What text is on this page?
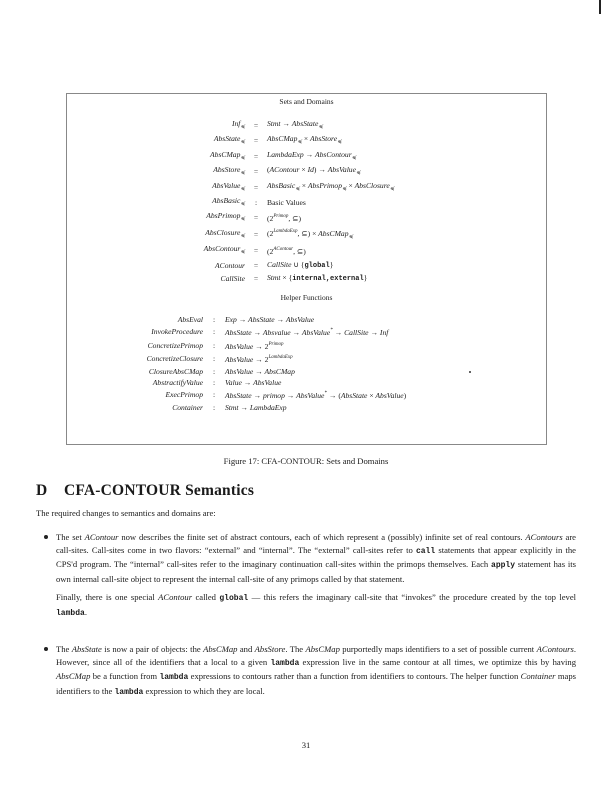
Sets and Domains
Inf$_≼$	=	Stmt → AbsState$_≼$
AbsState$_≼$	=	AbsCMap$_≼$ × AbsStore$_≼$
AbsCMap$_≼$	=	LambdaExp → AbsContour$_≼$
AbsStore$_≼$	=	(AContour × Id) → AbsValue$_≼$
AbsValue$_≼$	=	AbsBasic$_≼$ × AbsPrimop$_≼$ × AbsClosure$_≼$
AbsBasic$_≼$	:	Basic Values
AbsPrimop$_≼$	=	($2^{Primop}$, ⊆)
AbsClosure$_≼$	=	($2^{LambdaExp}$, ⊆) × AbsCMap$_≼$
AbsContour$_≼$	=	($2^{AContour}$, ⊆)
AContour	=	CallSite ∪ {global}
CallSite	=	Stmt × {internal,external}
Helper Functions
AbsEval	:	Exp → AbsState → AbsValue
InvokeProcedure	:	AbsState → Absvalue → AbsValue* → CallSite → Inf
ConcretizePrimop	:	AbsValue → $2^{Primop}$
ConcretizeClosure	:	AbsValue → $2^{LambdaExp}$
ClosureAbsCMap	:	AbsValue → AbsCMap
AbstractifyValue	:	Value → AbsValue
ExecPrimop	:	AbsState → primop → AbsValue* → (AbsState × AbsValue)
Container	:	Stmt → LambdaExp
Figure 17: CFA-CONTOUR: Sets and Domains
D CFA-CONTOUR Semantics
The required changes to semantics and domains are:

The set AContour now describes the finite set of abstract contours, each of which represent a (possibly) infinite set of real contours. AContours are call-sites. Call-sites come in two flavors: “external” and “internal”. The “external” call-sites refer to call statements that appear explicitly in the CPS'd program. The “internal” call-sites refer to the imaginary continuation call-sites within the primops themselves. Each apply statement has its own internal call-site object to represent the internal call-site of any primops called by that statement.

Finally, there is one special AContour called global — this refers the imaginary call-site that “invokes” the procedure created by the top level lambda.

The AbsState is now a pair of objects: the AbsCMap and AbsStore. The AbsCMap purportedly maps identifiers to a set of possible current AContours. However, since all of the identifiers that a local to a given lambda expression live in the same contour at all times, we optimize this by having AbsCMap be a function from lambda expressions to contours rather than a function from identifiers to contours. The helper function Container maps identifiers to the lambda expression to which they are local.

31
